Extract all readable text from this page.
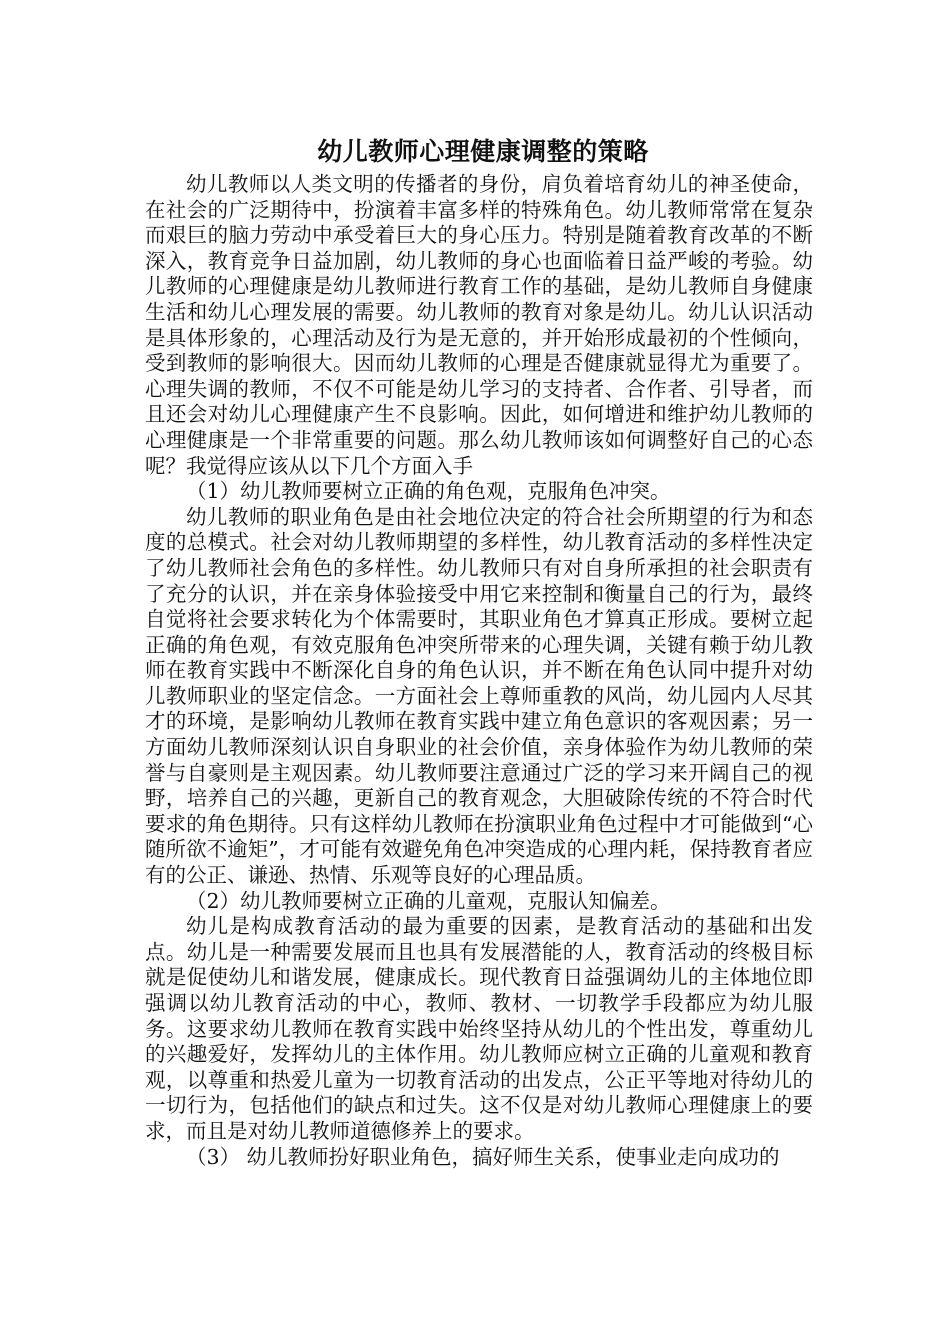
幼儿教师心理健康调整的策略

幼儿教师以人类文明的传播者的身份，肩负着培育幼儿的神圣使命，在社会的广泛期待中，扮演着丰富多样的特殊角色。幼儿教师常常在复杂而艰巨的脑力劳动中承受着巨大的身心压力。特别是随着教育改革的不断深入，教育竞争日益加剧，幼儿教师的身心也面临着日益严峻的考验。幼儿教师的心理健康是幼儿教师进行教育工作的基础，是幼儿教师自身健康生活和幼儿心理发展的需要。幼儿教师的教育对象是幼儿。幼儿认识活动是具体形象的，心理活动及行为是无意的，并开始形成最初的个性倾向，受到教师的影响很大。因而幼儿教师的心理是否健康就显得尤为重要了。心理失调的教师，不仅不可能是幼儿学习的支持者、合作者、引导者，而且还会对幼儿心理健康产生不良影响。因此，如何增进和维护幼儿教师的心理健康是一个非常重要的问题。那么幼儿教师该如何调整好自己的心态呢？我觉得应该从以下几个方面入手

（1）幼儿教师要树立正确的角色观，克服角色冲突。

幼儿教师的职业角色是由社会地位决定的符合社会所期望的行为和态度的总模式。社会对幼儿教师期望的多样性，幼儿教育活动的多样性决定了幼儿教师社会角色的多样性。幼儿教师只有对自身所承担的社会职责有了充分的认识，并在亲身体验接受中用它来控制和衡量自己的行为，最终自觉将社会要求转化为个体需要时，其职业角色才算真正形成。要树立起正确的角色观，有效克服角色冲突所带来的心理失调，关键有赖于幼儿教师在教育实践中不断深化自身的角色认识，并不断在角色认同中提升对幼儿教师职业的坚定信念。一方面社会上尊师重教的风尚，幼儿园内人尽其才的环境，是影响幼儿教师在教育实践中建立角色意识的客观因素；另一方面幼儿教师深刻认识自身职业的社会价值，亲身体验作为幼儿教师的荣誉与自豪则是主观因素。幼儿教师要注意通过广泛的学习来开阔自己的视野，培养自己的兴趣，更新自己的教育观念，大胆破除传统的不符合时代要求的角色期待。只有这样幼儿教师在扮演职业角色过程中才可能做到“心随所欲不逾矩”，才可能有效避免角色冲突造成的心理内耗，保持教育者应有的公正、谦逊、热情、乐观等良好的心理品质。

（2）幼儿教师要树立正确的儿童观，克服认知偏差。

幼儿是构成教育活动的最为重要的因素，是教育活动的基础和出发点。幼儿是一种需要发展而且也具有发展潜能的人，教育活动的终极目标就是促使幼儿和谐发展，健康成长。现代教育日益强调幼儿的主体地位即强调以幼儿教育活动的中心，教师、教材、一切教学手段都应为幼儿服务。这要求幼儿教师在教育实践中始终坚持从幼儿的个性出发，尊重幼儿的兴趣爱好，发挥幼儿的主体作用。幼儿教师应树立正确的儿童观和教育观，以尊重和热爱儿童为一切教育活动的出发点，公正平等地对待幼儿的一切行为，包括他们的缺点和过失。这不仅是对幼儿教师心理健康上的要求，而且是对幼儿教师道德修养上的要求。

（3） 幼儿教师扮好职业角色，搞好师生关系，使事业走向成功的
